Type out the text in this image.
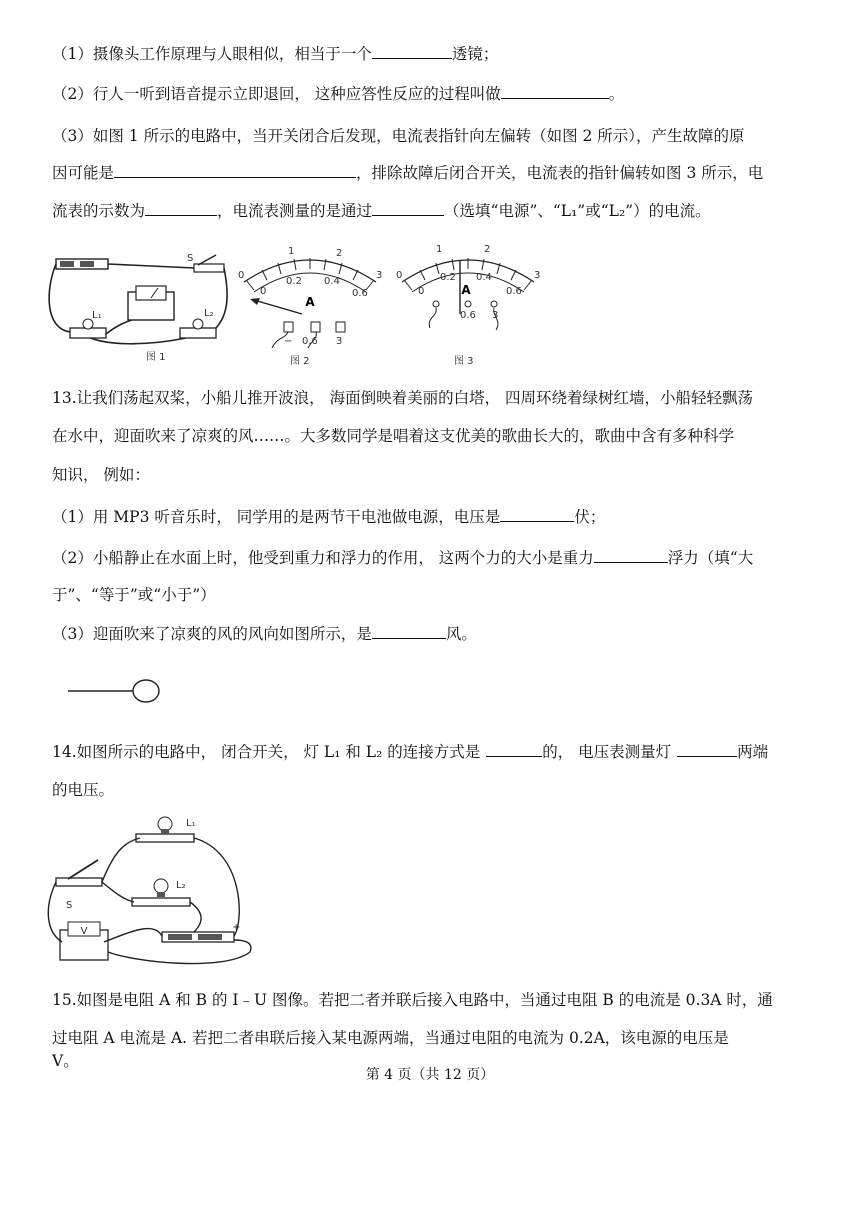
（1）摄像头工作原理与人眼相似，相当于一个	透镜；
（2）行人一听到语音提示立即退回， 这种应答性反应的过程叫做	。
（3）如图 1 所示的电路中，当开关闭合后发现，电流表指针向左偏转（如图 2 所示），产生故障的原
因可能是	，排除故障后闭合开关，电流表的指针偏转如图 3 所示，电
流表的示数为	，电流表测量的是通过	（选填“电源”、“L₁”或“L₂”）的电流。
S
L₁	L₂
图 1
0
1	2
3
0
0.2 0.4
0.6
A
− 0.6 3
图 2
0
1	2
3
0
0.2 0.4
0.6
A
0.6 3
图 3
13.让我们荡起双桨，小船儿推开波浪， 海面倒映着美丽的白塔， 四周环绕着绿树红墙，小船轻轻飘荡
在水中，迎面吹来了凉爽的风……。大多数同学是唱着这支优美的歌曲长大的，歌曲中含有多种科学
知识， 例如：
（1）用 MP3 听音乐时， 同学用的是两节干电池做电源，电压是	伏；
（2）小船静止在水面上时，他受到重力和浮力的作用， 这两个力的大小是重力	浮力（填“大
于”、“等于”或“小于”）
（3）迎面吹来了凉爽的风的风向如图所示，是	风。
14.如图所示的电路中， 闭合开关， 灯 L₁ 和 L₂ 的连接方式是	的， 电压表测量灯	两端
的电压。
L₁
L₂
S
V	+
15.如图是电阻 A 和 B 的 I﹣U 图像。若把二者并联后接入电路中，当通过电阻 B 的电流是 0.3A 时，通
过电阻 A 电流是 A. 若把二者串联后接入某电源两端，当通过电阻的电流为 0.2A，该电源的电压是
V。
第 4 页（共 12 页）
